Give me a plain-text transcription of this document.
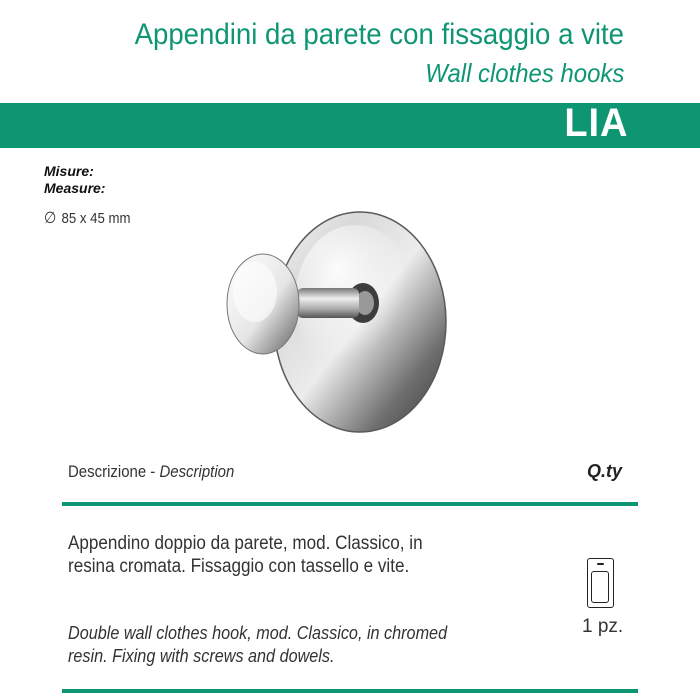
Appendini da parete con fissaggio a vite
Wall clothes hooks
LIA
Misure:
Measure:
∅ 85 x 45 mm
Descrizione - Description	Q.ty
Appendino doppio da parete, mod. Classico, in resina cromata. Fissaggio con tassello e vite.
Double wall clothes hook, mod. Classico, in chromed resin. Fixing with screws and dowels.
1 pz.
